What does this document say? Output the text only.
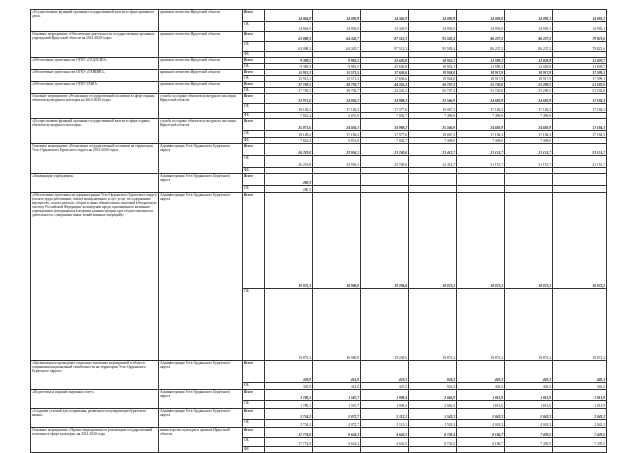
«Осуществление функций органами государственной власти в сфере архивного дела»	архивное агентство Иркутской области	Всего	14 864,9	14 092,9	14 345,9	14 092,9	14 093,0	14 093,1	14 093,1
		ОБ	14 864,9	14 092,9	14 345,9	14 092,9	14 093,0	14 093,1	14 093,1
Основное мероприятие «Обеспечение деятельности государственных архивных учреждений Иркутской области на 2014-2020 годы»	архивное агентство Иркутской области	Всего	63 088,3	64 345,7	87 512,3	95 583,4	86 237,2	86 237,2	79 821,6
		ОБ	63 088,3	64 345,7	87 512,3	95 583,4	86 237,2	86 237,2	79 821,6
		ФБ							
«Обеспечение деятельности ОГКУ «ГАДЛСИО»	архивное агентство Иркутской области	Всего	9 389,5	9 981,5	25 630,8	18 952,1	11 599,3	12 028,8	11 039,7
		ОБ	9 389,5	9 981,5	25 630,8	18 952,1	11 599,3	12 028,8	11 039,7
«Обеспечение деятельности ОГКУ «ГАНИИО»	архивное агентство Иркутской области	Всего	15 915,3	15 571,5	17 636,6	19 924,0	18 917,9	18 917,9	17 599,1
		ОБ	15 915,3	15 571,5	17 636,6	19 924,0	18 917,9	18 917,9	17 599,1
«Обеспечение деятельности ОГКУ ГАИО»	архивное агентство Иркутской области	Всего	37 783,5	38 792,7	44 245,2	56 707,3	55 720,0	55 290,5	51 182,8
		ОБ	37 783,5	38 792,7	44 245,2	56 707,3	55 720,0	55 290,5	51 182,8
Основное мероприятие «Реализация государственной политики в сфере охраны объектов культурного наследия на 2014-2020 годы»	служба по охране объектов культурного наследия Иркутской области	Всего	25 971,6	24 036,1	24 988,2	25 566,9	24 683,9	24 683,9	17 184,3
		ОБ	18 149,2	17 184,3	17 577,6	18 067,3	17 184,3	17 184,3	17 184,3
		ФБ	7 822,4	6 851,8	7 002,7	7 499,6	7 499,6	7 499,6	
«Осуществление функций органами государственной власти в сфере охраны объектов культурного наследия»	служба по охране объектов культурного наследия Иркутской области	Всего	25 971,6	24 036,1	24 988,2	25 566,9	24 683,9	24 683,9	17 184,3
		ОБ	18 149,2	17 184,3	17 577,6	18 067,3	17 184,3	17 184,3	17 184,3
		ФБ	7 822,4	6 851,8	7 002,7	7 499,6	7 499,6	7 499,6	
Основное мероприятие «Реализация государственной политики на территории Усть-Ордынского Бурятского округа на 2014-2020 годы»	Администрация Усть-Ордынского Бурятского округа	Всего	26 219,8	22 956,1	23 740,6	23 412,7	21 151,7	21 151,7	21 151,7
		ОБ	26 219,8	22 956,1	23 740,6	23 412,7	21 151,7	21 151,7	21 151,7
		ФБ							
«Ликвидация учреждения»	Администрация Усть-Ордынского Бурятского округа	Всего	280,3						
		ОБ	280,3						
«Обеспечение деятельности администрации Усть-Ордынского Бурятского округа (оплата труда работников, оплата коммунальных услуг, услуг по содержанию имущества, уплата налогов, сборов и иных обязательных платежей в бюджетную систему Российской Федерации, возмещение вреда, причиненного казенным учреждением, находящимся в ведении администрации, при осуществлении им деятельности, совершение иных хозяйственных операций)»	Администрация Усть-Ордынского Бурятского округа	Всего	19 875,3	18 900,8	19 294,6	18 872,2	18 872,2	18 872,2	18 872,2
		ОБ	19 875,3	18 900,8	19 294,6	18 872,2	18 872,2	18 872,2	18 872,2
«Организация и проведение социально-значимых мероприятий в области сохранения национальной самобытности на территории Усть-Ордынского Бурятского округа»	Администрация Усть-Ордынского Бурятского округа	Всего	329,9	414,9	423,5	934,3	402,3	402,3	402,3
		ОБ	329,9	414,9	423,5	934,3	402,3	402,3	402,3
«Подготовка и издание окружных газет»	Администрация Усть-Ордынского Бурятского округа	Всего	1 780,1	1 567,7	1 909,4	2 062,9	1 813,9	1 813,9	1 813,9
		ОБ	1 780,1	1 567,7	1 909,4	2 062,9	1 813,9	1 813,9	1 813,9
«Создание условий для сохранения, развития и популяризации бурятского языка»	Администрация Усть-Ордынского Бурятского округа	Всего	3 754,2	2 072,7	2 113,1	1 543,3	2 043,3	2 043,3	2 043,3
		ОБ	3 754,2	2 072,7	2 113,1	1 543,3	2 043,3	2 043,3	2 043,3
Основное мероприятие «Прочие мероприятия по реализации государственной политики в сфере культуры» на 2014-2020 годы	министерство культуры и архивов Иркутской области	Всего	17 774,8	9 624,3	4 643,5	8 730,4	8 166,7	7 439,5	7 439,5
		ОБ	17 774,8	9 624,3	4 643,5	8 730,4	8 166,7	7 439,5	7 439,5
		ФБ							
